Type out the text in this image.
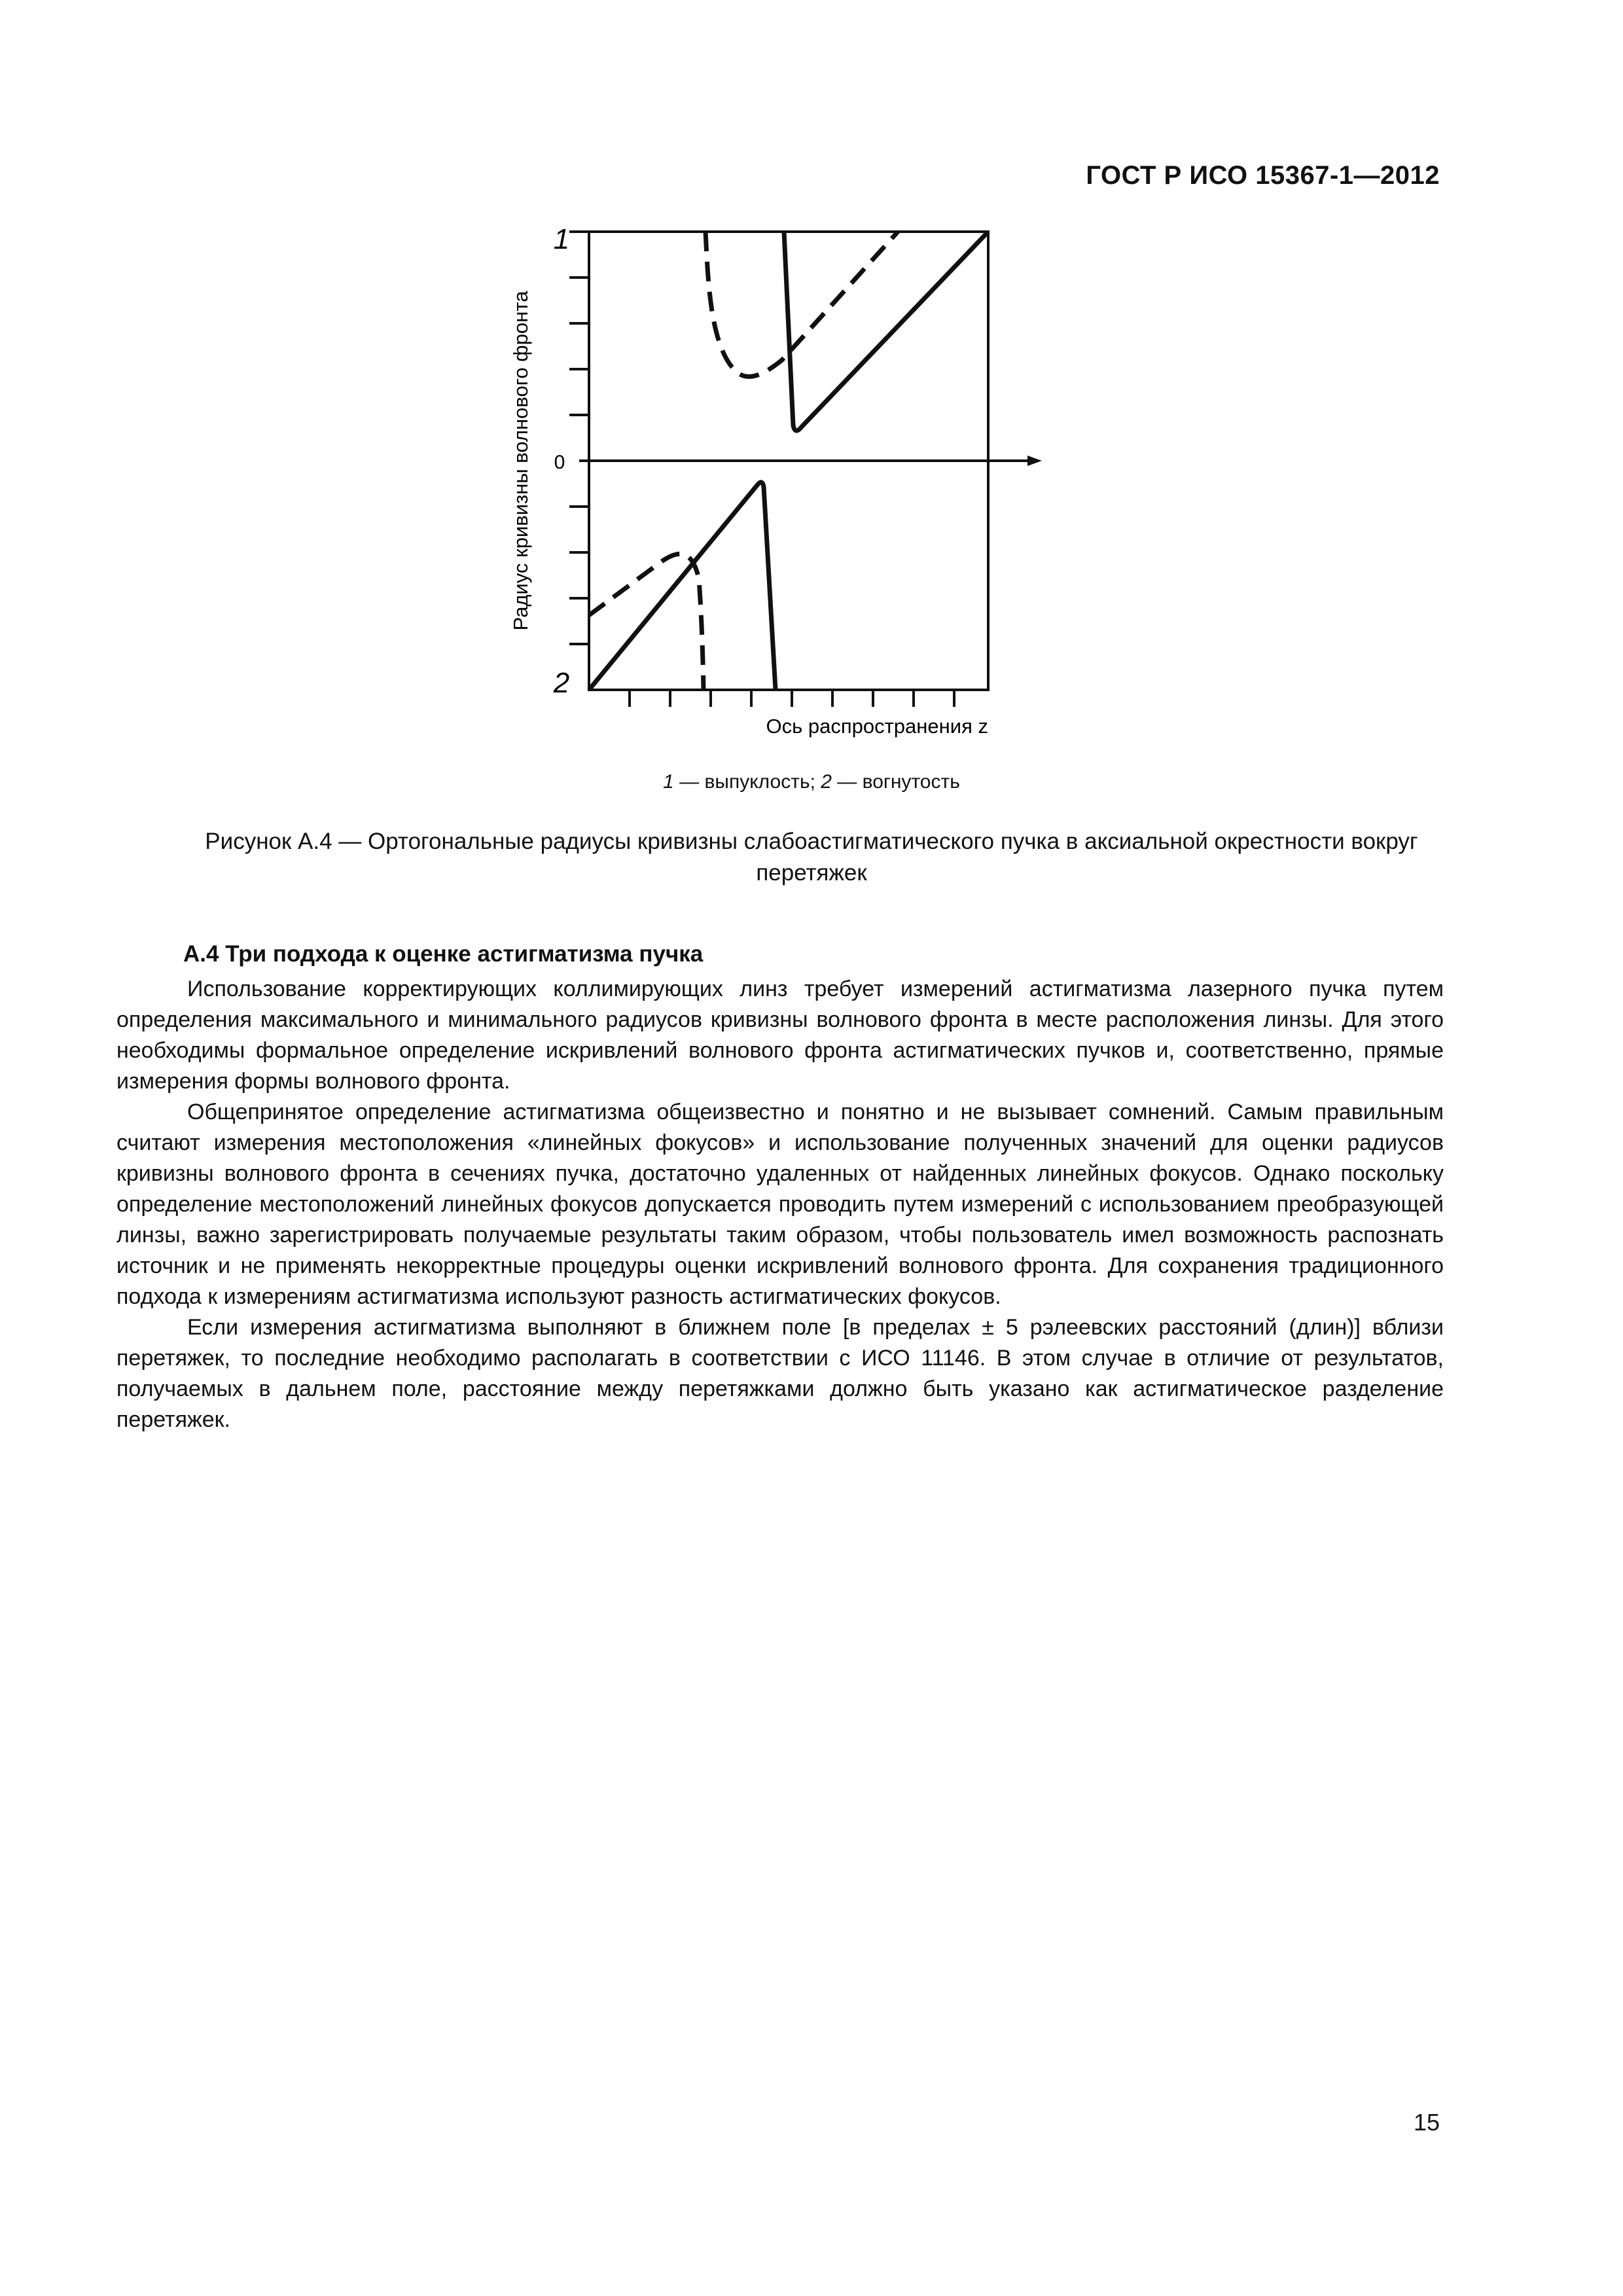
ГОСТ Р ИСО 15367-1—2012
1
0
2
Радиус кривизны волнового фронта
Ось распространения z
1 — выпуклость; 2 — вогнутость
Рисунок А.4 — Ортогональные радиусы кривизны слабоастигматического пучка в аксиальной окрестности вокруг перетяжек
А.4 Три подхода к оценке астигматизма пучка

Использование корректирующих коллимирующих линз требует измерений астигматизма лазерного пучка путем определения максимального и минимального радиусов кривизны волнового фронта в месте расположения линзы. Для этого необходимы формальное определение искривлений волнового фронта астигматических пучков и, соответственно, прямые измерения формы волнового фронта.

Общепринятое определение астигматизма общеизвестно и понятно и не вызывает сомнений. Самым правильным считают измерения местоположения «линейных фокусов» и использование полученных значений для оценки радиусов кривизны волнового фронта в сечениях пучка, достаточно удаленных от найденных линейных фокусов. Однако поскольку определение местоположений линейных фокусов допускается проводить путем измерений с использованием преобразующей линзы, важно зарегистрировать получаемые результаты таким образом, чтобы пользователь имел возможность распознать источник и не применять некорректные процедуры оценки искривлений волнового фронта. Для сохранения традиционного подхода к измерениям астигматизма используют разность астигматических фокусов.

Если измерения астигматизма выполняют в ближнем поле [в пределах ± 5 рэлеевских расстояний (длин)] вблизи перетяжек, то последние необходимо располагать в соответствии с ИСО 11146. В этом случае в отличие от результатов, получаемых в дальнем поле, расстояние между перетяжками должно быть указано как астигматическое разделение перетяжек.

15
